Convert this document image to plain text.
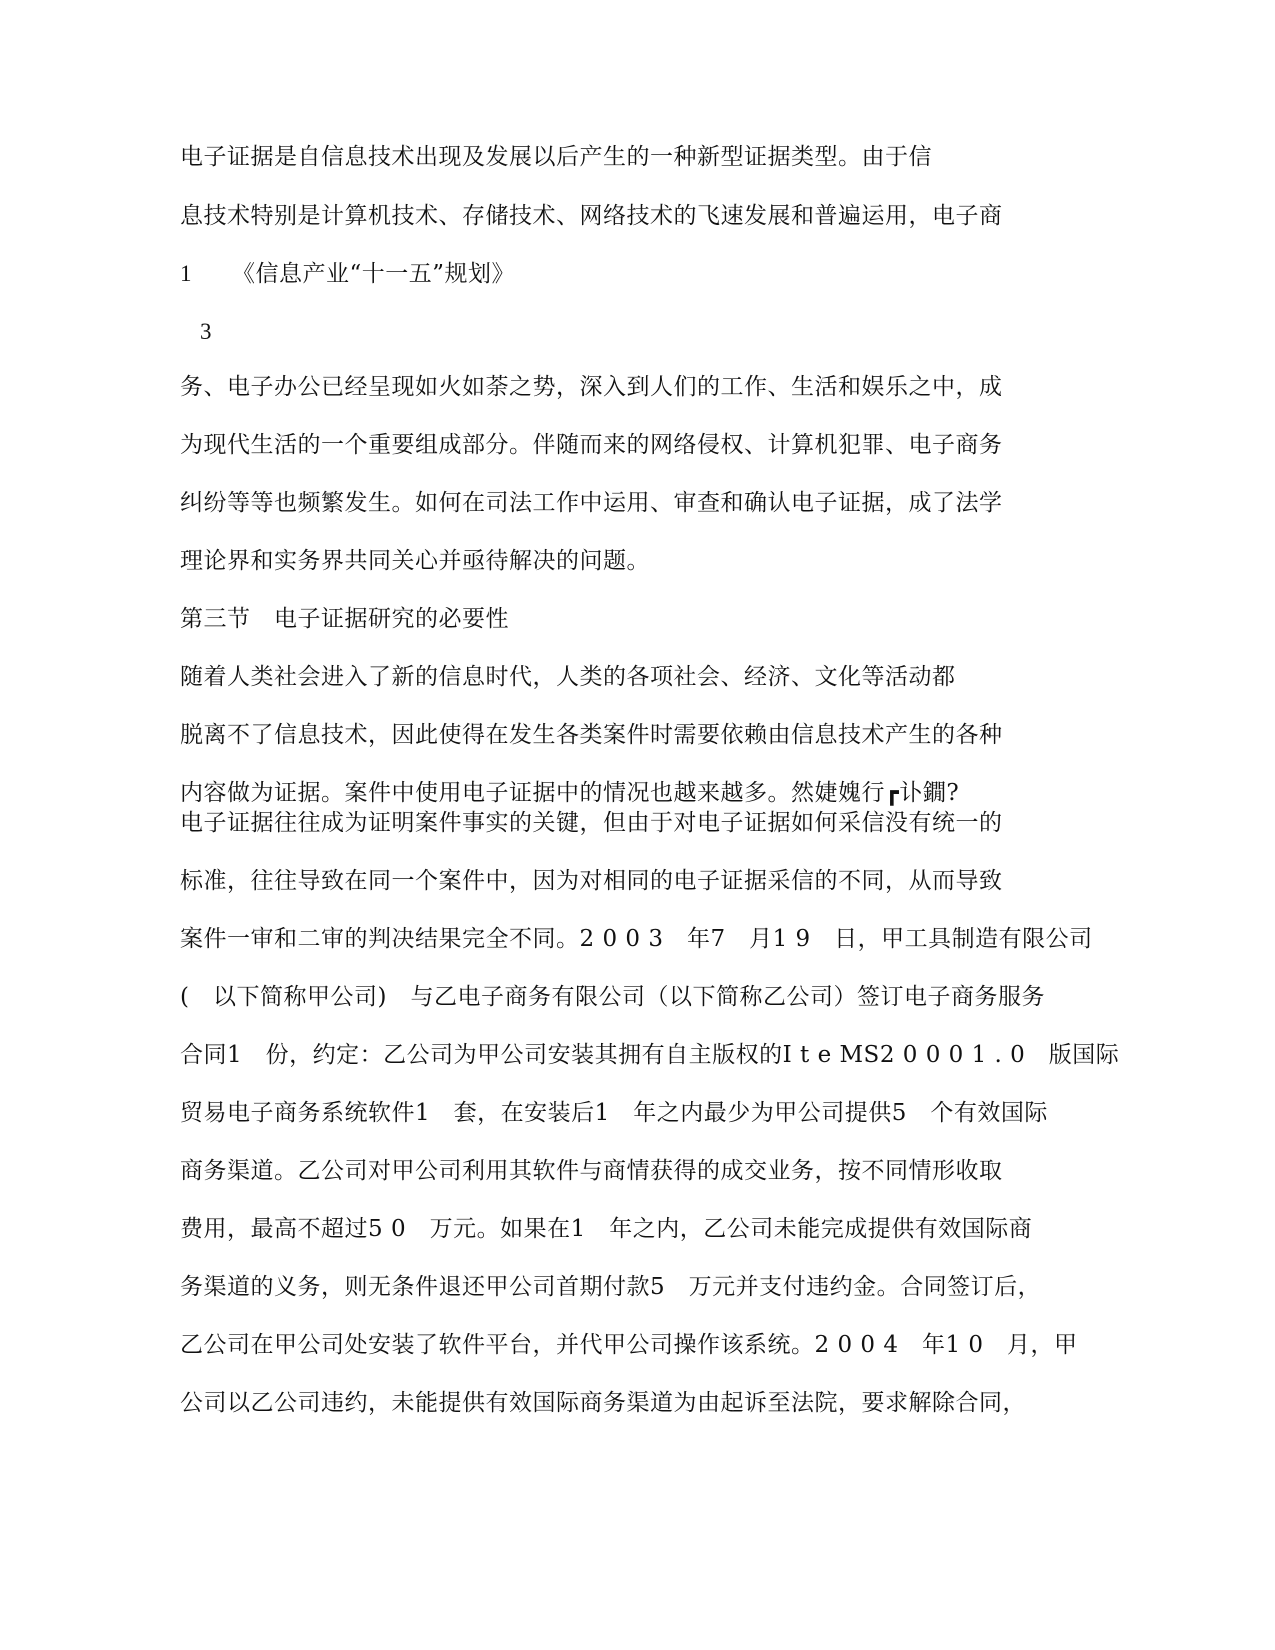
电子证据是自信息技术出现及发展以后产生的一种新型证据类型。由于信
息技术特别是计算机技术、存储技术、网络技术的飞速发展和普遍运用，电子商
1 《信息产业“十一五”规划》
3
务、电子办公已经呈现如火如荼之势，深入到人们的工作、生活和娱乐之中，成
为现代生活的一个重要组成部分。伴随而来的网络侵权、计算机犯罪、电子商务
纠纷等等也频繁发生。如何在司法工作中运用、审查和确认电子证据，成了法学
理论界和实务界共同关心并亟待解决的问题。
第三节　电子证据研究的必要性
随着人类社会进入了新的信息时代，人类的各项社会、经济、文化等活动都
脱离不了信息技术，因此使得在发生各类案件时需要依赖由信息技术产生的各种
内容做为证据。案件中使用电子证据中的情况也越来越多。然婕媿行┏讣鐗?
电子证据往往成为证明案件事实的关键，但由于对电子证据如何采信没有统一的
标准，往往导致在同一个案件中，因为对相同的电子证据采信的不同，从而导致
案件一审和二审的判决结果完全不同。2 0 0 3　年7　月1 9　日，甲工具制造有限公司
(　以下简称甲公司)　与乙电子商务有限公司（以下简称乙公司）签订电子商务服务
合同1　份，约定：乙公司为甲公司安装其拥有自主版权的I t e MS2 0 0 0 1 . 0　版国际
贸易电子商务系统软件1　套，在安装后1　年之内最少为甲公司提供5　个有效国际
商务渠道。乙公司对甲公司利用其软件与商情获得的成交业务，按不同情形收取
费用，最高不超过5 0　万元。如果在1　年之内，乙公司未能完成提供有效国际商
务渠道的义务，则无条件退还甲公司首期付款5　万元并支付违约金。合同签订后，
乙公司在甲公司处安装了软件平台，并代甲公司操作该系统。2 0 0 4　年1 0　月，甲
公司以乙公司违约，未能提供有效国际商务渠道为由起诉至法院，要求解除合同，
